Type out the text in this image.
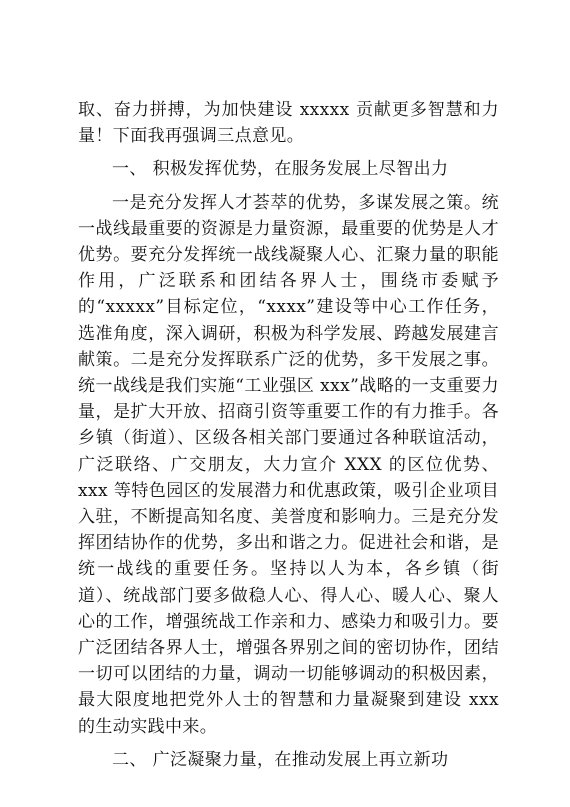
取、奋力拼搏，为加快建设 xxxxx 贡献更多智慧和力量！下面我再强调三点意见。

一、 积极发挥优势，在服务发展上尽智出力

一是充分发挥人才荟萃的优势，多谋发展之策。统一战线最重要的资源是力量资源，最重要的优势是人才优势。要充分发挥统一战线凝聚人心、汇聚力量的职能作用，广泛联系和团结各界人士，围绕市委赋予的“xxxxx”目标定位，“xxxx”建设等中心工作任务，选准角度，深入调研，积极为科学发展、跨越发展建言献策。二是充分发挥联系广泛的优势，多干发展之事。统一战线是我们实施“工业强区 xxx”战略的一支重要力量，是扩大开放、招商引资等重要工作的有力推手。各乡镇（街道）、区级各相关部门要通过各种联谊活动，广泛联络、广交朋友，大力宣介 XXX 的区位优势、xxx 等特色园区的发展潜力和优惠政策，吸引企业项目入驻，不断提高知名度、美誉度和影响力。三是充分发挥团结协作的优势，多出和谐之力。促进社会和谐，是统一战线的重要任务。坚持以人为本，各乡镇（街道）、统战部门要多做稳人心、得人心、暖人心、聚人心的工作，增强统战工作亲和力、感染力和吸引力。要广泛团结各界人士，增强各界别之间的密切协作，团结一切可以团结的力量，调动一切能够调动的积极因素，最大限度地把党外人士的智慧和力量凝聚到建设 xxx 的生动实践中来。

二、 广泛凝聚力量，在推动发展上再立新功
